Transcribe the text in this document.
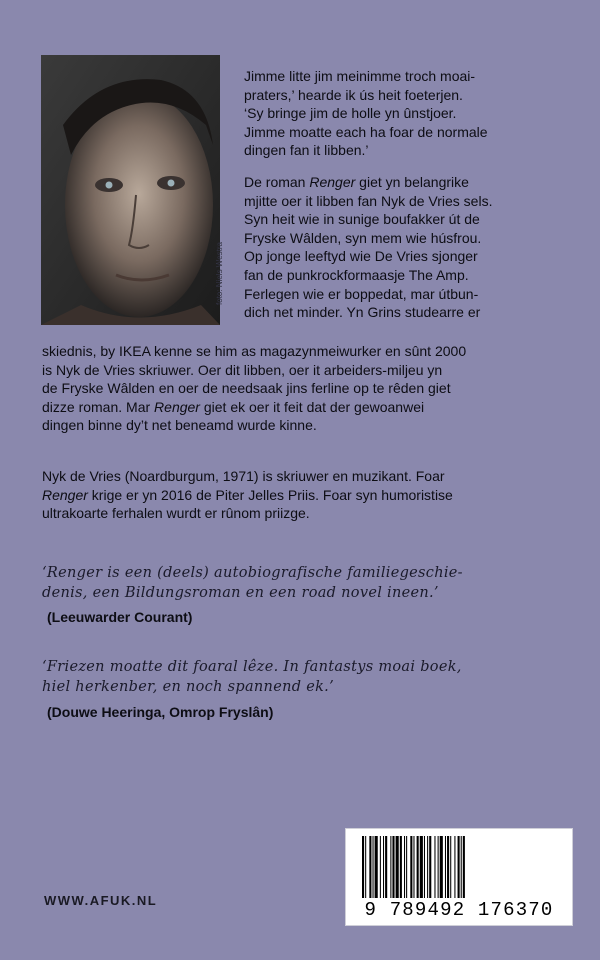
foto: Niels Westra
Jimme litte jim meinimme troch moai-
praters,’ hearde ik ús heit foeterjen.
‘Sy bringe jim de holle yn ûnstjoer.
Jimme moatte each ha foar de normale
dingen fan it libben.’
De roman Renger giet yn belangrike
mjitte oer it libben fan Nyk de Vries sels.
Syn heit wie in sunige boufakker út de
Fryske Wâlden, syn mem wie húsfrou.
Op jonge leeftyd wie De Vries sjonger
fan de punkrockformaasje The Amp.
Ferlegen wie er boppedat, mar útbun-
dich net minder. Yn Grins studearre er
skiednis, by IKEA kenne se him as magazynmeiwurker en sûnt 2000
is Nyk de Vries skriuwer. Oer dit libben, oer it arbeiders-miljeu yn
de Fryske Wâlden en oer de needsaak jins ferline op te rêden giet
dizze roman. Mar Renger giet ek oer it feit dat der gewoanwei
dingen binne dy’t net beneamd wurde kinne.
Nyk de Vries (Noardburgum, 1971) is skriuwer en muzikant. Foar
Renger krige er yn 2016 de Piter Jelles Priis. Foar syn humoristise
ultrakoarte ferhalen wurdt er rûnom priizge.
‘Renger is een (deels) autobiografische familiegeschie-
denis, een Bildungsroman en een road novel ineen.’
(Leeuwarder Courant)
‘Friezen moatte dit foaral lêze. In fantastys moai boek,
hiel herkenber, en noch spannend ek.’
(Douwe Heeringa, Omrop Fryslân)
WWW.AFUK.NL	9 789492 176370
